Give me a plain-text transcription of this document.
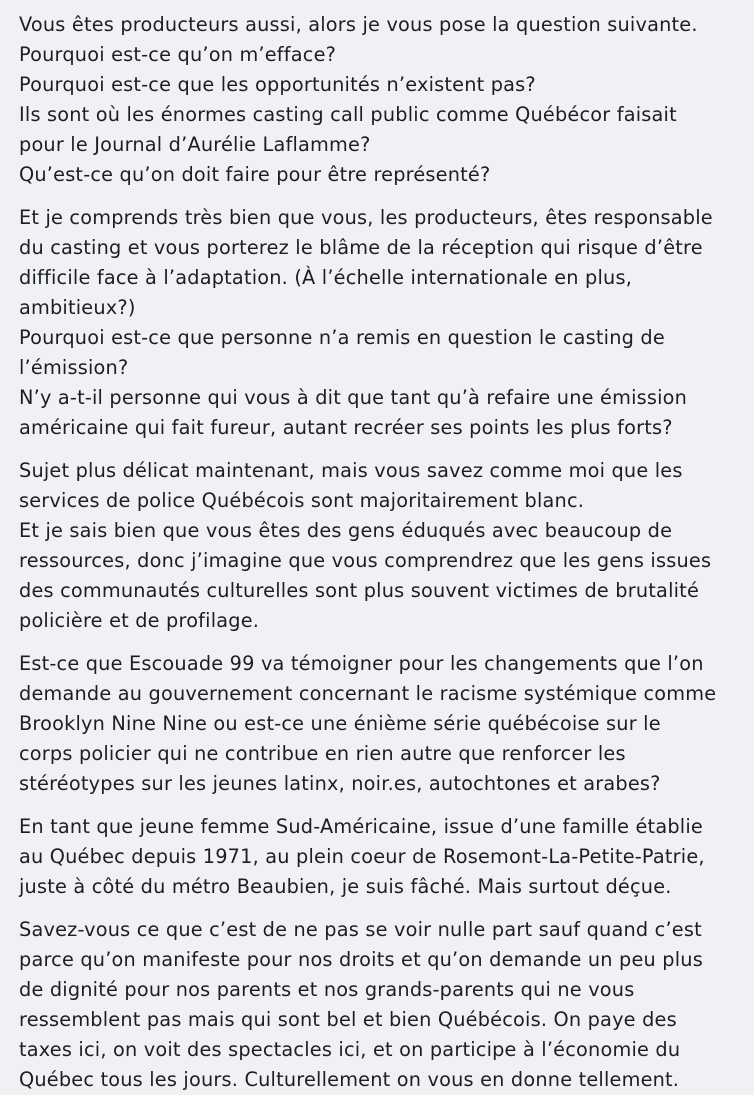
Vous êtes producteurs aussi, alors je vous pose la question suivante.
Pourquoi est-ce qu’on m’efface?
Pourquoi est-ce que les opportunités n’existent pas?
Ils sont où les énormes casting call public comme Québécor faisait
pour le Journal d’Aurélie Laflamme?
Qu’est-ce qu’on doit faire pour être représenté?
Et je comprends très bien que vous, les producteurs, êtes responsable
du casting et vous porterez le blâme de la réception qui risque d’être
difficile face à l’adaptation. (À l’échelle internationale en plus,
ambitieux?)
Pourquoi est-ce que personne n’a remis en question le casting de
l’émission?
N’y a-t-il personne qui vous à dit que tant qu’à refaire une émission
américaine qui fait fureur, autant recréer ses points les plus forts?
Sujet plus délicat maintenant, mais vous savez comme moi que les
services de police Québécois sont majoritairement blanc.
Et je sais bien que vous êtes des gens éduqués avec beaucoup de
ressources, donc j’imagine que vous comprendrez que les gens issues
des communautés culturelles sont plus souvent victimes de brutalité
policière et de profilage.
Est-ce que Escouade 99 va témoigner pour les changements que l’on
demande au gouvernement concernant le racisme systémique comme
Brooklyn Nine Nine ou est-ce une énième série québécoise sur le
corps policier qui ne contribue en rien autre que renforcer les
stéréotypes sur les jeunes latinx, noir.es, autochtones et arabes?
En tant que jeune femme Sud-Américaine, issue d’une famille établie
au Québec depuis 1971, au plein coeur de Rosemont-La-Petite-Patrie,
juste à côté du métro Beaubien, je suis fâché. Mais surtout déçue.
Savez-vous ce que c’est de ne pas se voir nulle part sauf quand c’est
parce qu’on manifeste pour nos droits et qu’on demande un peu plus
de dignité pour nos parents et nos grands-parents qui ne vous
ressemblent pas mais qui sont bel et bien Québécois. On paye des
taxes ici, on voit des spectacles ici, et on participe à l’économie du
Québec tous les jours. Culturellement on vous en donne tellement.
